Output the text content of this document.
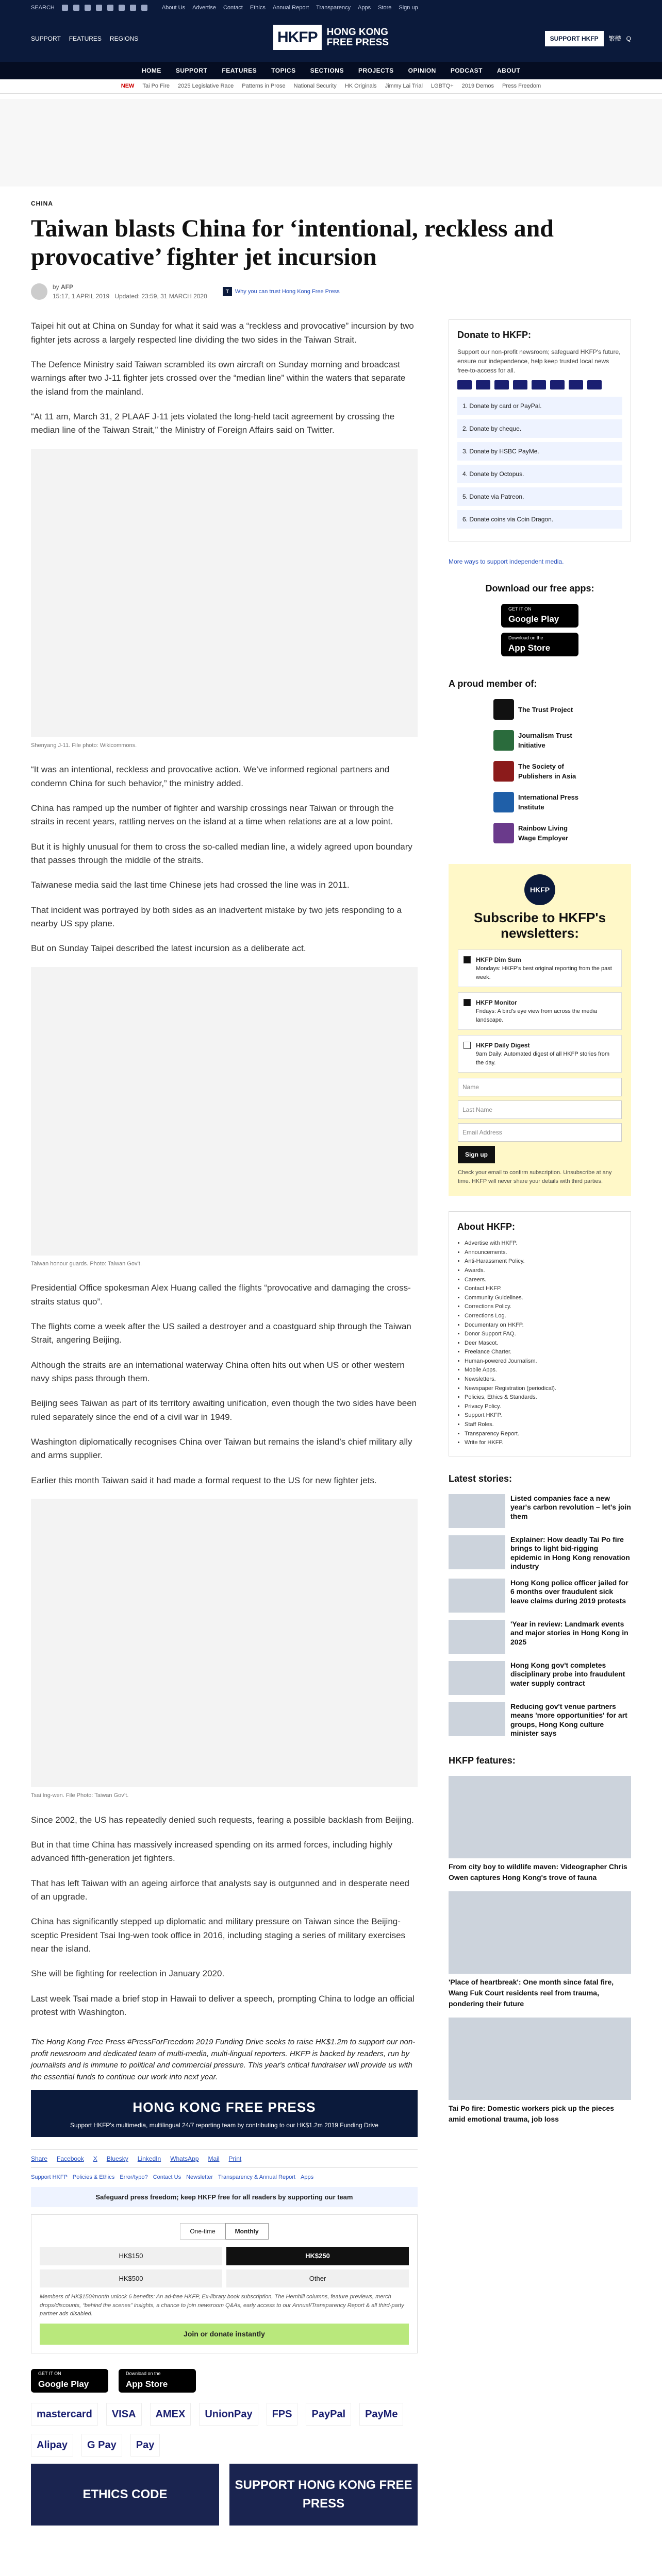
SEARCH	About Us Advertise Contact Ethics Annual Report Transparency Apps Store Sign up
SUPPORT FEATURES REGIONS	HKFP HONG KONG
FREE PRESS	SUPPORT HKFP	繁體 Q
HOME SUPPORT FEATURES TOPICS SECTIONS PROJECTS OPINION PODCAST ABOUT
NEW Tai Po Fire 2025 Legislative Race Patterns in Prose National Security HK Originals Jimmy Lai Trial LGBTQ+ 2019 Demos Press Freedom
CHINA
Taiwan blasts China for ‘intentional, reckless and provocative’ fighter jet incursion
by AFP
15:17, 1 APRIL 2019 Updated: 23:59, 31 MARCH 2020
T	Why you can trust Hong Kong Free Press

Taipei hit out at China on Sunday for what it said was a “reckless and provocative” incursion by two fighter jets across a largely respected line dividing the two sides in the Taiwan Strait.

The Defence Ministry said Taiwan scrambled its own aircraft on Sunday morning and broadcast warnings after two J-11 fighter jets crossed over the “median line” within the waters that separate the island from the mainland.

“At 11 am, March 31, 2 PLAAF J-11 jets violated the long-held tacit agreement by crossing the median line of the Taiwan Strait,” the Ministry of Foreign Affairs said on Twitter.

Shenyang J-11. File photo: Wikicommons.

“It was an intentional, reckless and provocative action. We’ve informed regional partners and condemn China for such behavior,” the ministry added.

China has ramped up the number of fighter and warship crossings near Taiwan or through the straits in recent years, rattling nerves on the island at a time when relations are at a low point.

But it is highly unusual for them to cross the so-called median line, a widely agreed upon boundary that passes through the middle of the straits.

Taiwanese media said the last time Chinese jets had crossed the line was in 2011.

That incident was portrayed by both sides as an inadvertent mistake by two jets responding to a nearby US spy plane.

But on Sunday Taipei described the latest incursion as a deliberate act.

Taiwan honour guards. Photo: Taiwan Gov’t.

Presidential Office spokesman Alex Huang called the flights “provocative and damaging the cross-straits status quo”.

The flights come a week after the US sailed a destroyer and a coastguard ship through the Taiwan Strait, angering Beijing.

Although the straits are an international waterway China often hits out when US or other western navy ships pass through them.

Beijing sees Taiwan as part of its territory awaiting unification, even though the two sides have been ruled separately since the end of a civil war in 1949.

Washington diplomatically recognises China over Taiwan but remains the island’s chief military ally and arms supplier.

Earlier this month Taiwan said it had made a formal request to the US for new fighter jets.

Tsai Ing-wen. File Photo: Taiwan Gov’t.

Since 2002, the US has repeatedly denied such requests, fearing a possible backlash from Beijing.

But in that time China has massively increased spending on its armed forces, including highly advanced fifth-generation jet fighters.

That has left Taiwan with an ageing airforce that analysts say is outgunned and in desperate need of an upgrade.

China has significantly stepped up diplomatic and military pressure on Taiwan since the Beijing-sceptic President Tsai Ing-wen took office in 2016, including staging a series of military exercises near the island.

She will be fighting for reelection in January 2020.

Last week Tsai made a brief stop in Hawaii to deliver a speech, prompting China to lodge an official protest with Washington.

The Hong Kong Free Press #PressForFreedom 2019 Funding Drive seeks to raise HK$1.2m to support our non-profit newsroom and dedicated team of multi-media, multi-lingual reporters. HKFP is backed by readers, run by journalists and is immune to political and commercial pressure. This year's critical fundraiser will provide us with the essential funds to continue our work into next year.
HONG KONG FREE PRESS
Support HKFP's multimedia, multilingual 24/7 reporting team by contributing to our HK$1.2m 2019 Funding Drive
Share Facebook X Bluesky LinkedIn WhatsApp Mail Print
Support HKFP Policies & Ethics Error/typo? Contact Us Newsletter Transparency & Annual Report Apps
Safeguard press freedom; keep HKFP free for all readers by supporting our team
One-time	Monthly
HK$150	HK$250
HK$500	Other
Members of HK$150/month unlock 6 benefits: An ad-free HKFP, Ex-library book subscription, The Hemhill columns, feature previews, merch drops/discounts, “behind the scenes” insights, a chance to join newsroom Q&As, early access to our Annual/Transparency Report & all third-party partner ads disabled.
Join or donate instantly
GET IT ON
Google Play
Download on the
App Store
mastercard	VISA	AMEX	UnionPay	FPS	PayPal	PayMe
Alipay	G Pay	Pay
ETHICS CODE
SUPPORT HONG KONG FREE PRESS
Donate to HKFP:

Support our non-profit newsroom; safeguard HKFP's future, ensure our independence, help keep trusted local news free-to-access for all.

1. Donate by card or PayPal.
2. Donate by cheque.
3. Donate by HSBC PayMe.
4. Donate by Octopus.
5. Donate via Patreon.
6. Donate coins via Coin Dragon.
More ways to support independent media.
Download our free apps:
GET IT ON
Google Play
Download on the
App Store
A proud member of:
The Trust Project
Journalism Trust Initiative
The Society of Publishers in Asia
International Press Institute
Rainbow Living Wage Employer
HKFP
Subscribe to HKFP's newsletters:
HKFP Dim Sum
Mondays: HKFP's best original reporting from the past week.
HKFP Monitor
Fridays: A bird's eye view from across the media landscape.
HKFP Daily Digest
9am Daily: Automated digest of all HKFP stories from the day.
Name
Last Name
Email Address
Sign up

Check your email to confirm subscription. Unsubscribe at any time. HKFP will never share your details with third parties.

About HKFP:
• Advertise with HKFP.
• Announcements.
• Anti-Harassment Policy.
• Awards.
• Careers.
• Contact HKFP.
• Community Guidelines.
• Corrections Policy.
• Corrections Log.
• Documentary on HKFP.
• Donor Support FAQ.
• Deer Mascot.
• Freelance Charter.
• Human-powered Journalism.
• Mobile Apps.
• Newsletters.
• Newspaper Registration (periodical).
• Policies, Ethics & Standards.
• Privacy Policy.
• Support HKFP.
• Staff Roles.
• Transparency Report.
• Write for HKFP.
Latest stories:
Listed companies face a new year's carbon revolution – let's join them
Explainer: How deadly Tai Po fire brings to light bid-rigging epidemic in Hong Kong renovation industry
Hong Kong police officer jailed for 6 months over fraudulent sick leave claims during 2019 protests
'Year in review: Landmark events and major stories in Hong Kong in 2025
Hong Kong gov't completes disciplinary probe into fraudulent water supply contract
Reducing gov't venue partners means 'more opportunities' for art groups, Hong Kong culture minister says
HKFP features:
From city boy to wildlife maven: Videographer Chris Owen captures Hong Kong's trove of fauna
'Place of heartbreak': One month since fatal fire, Wang Fuk Court residents reel from trauma, pondering their future
Tai Po fire: Domestic workers pick up the pieces amid emotional trauma, job loss
